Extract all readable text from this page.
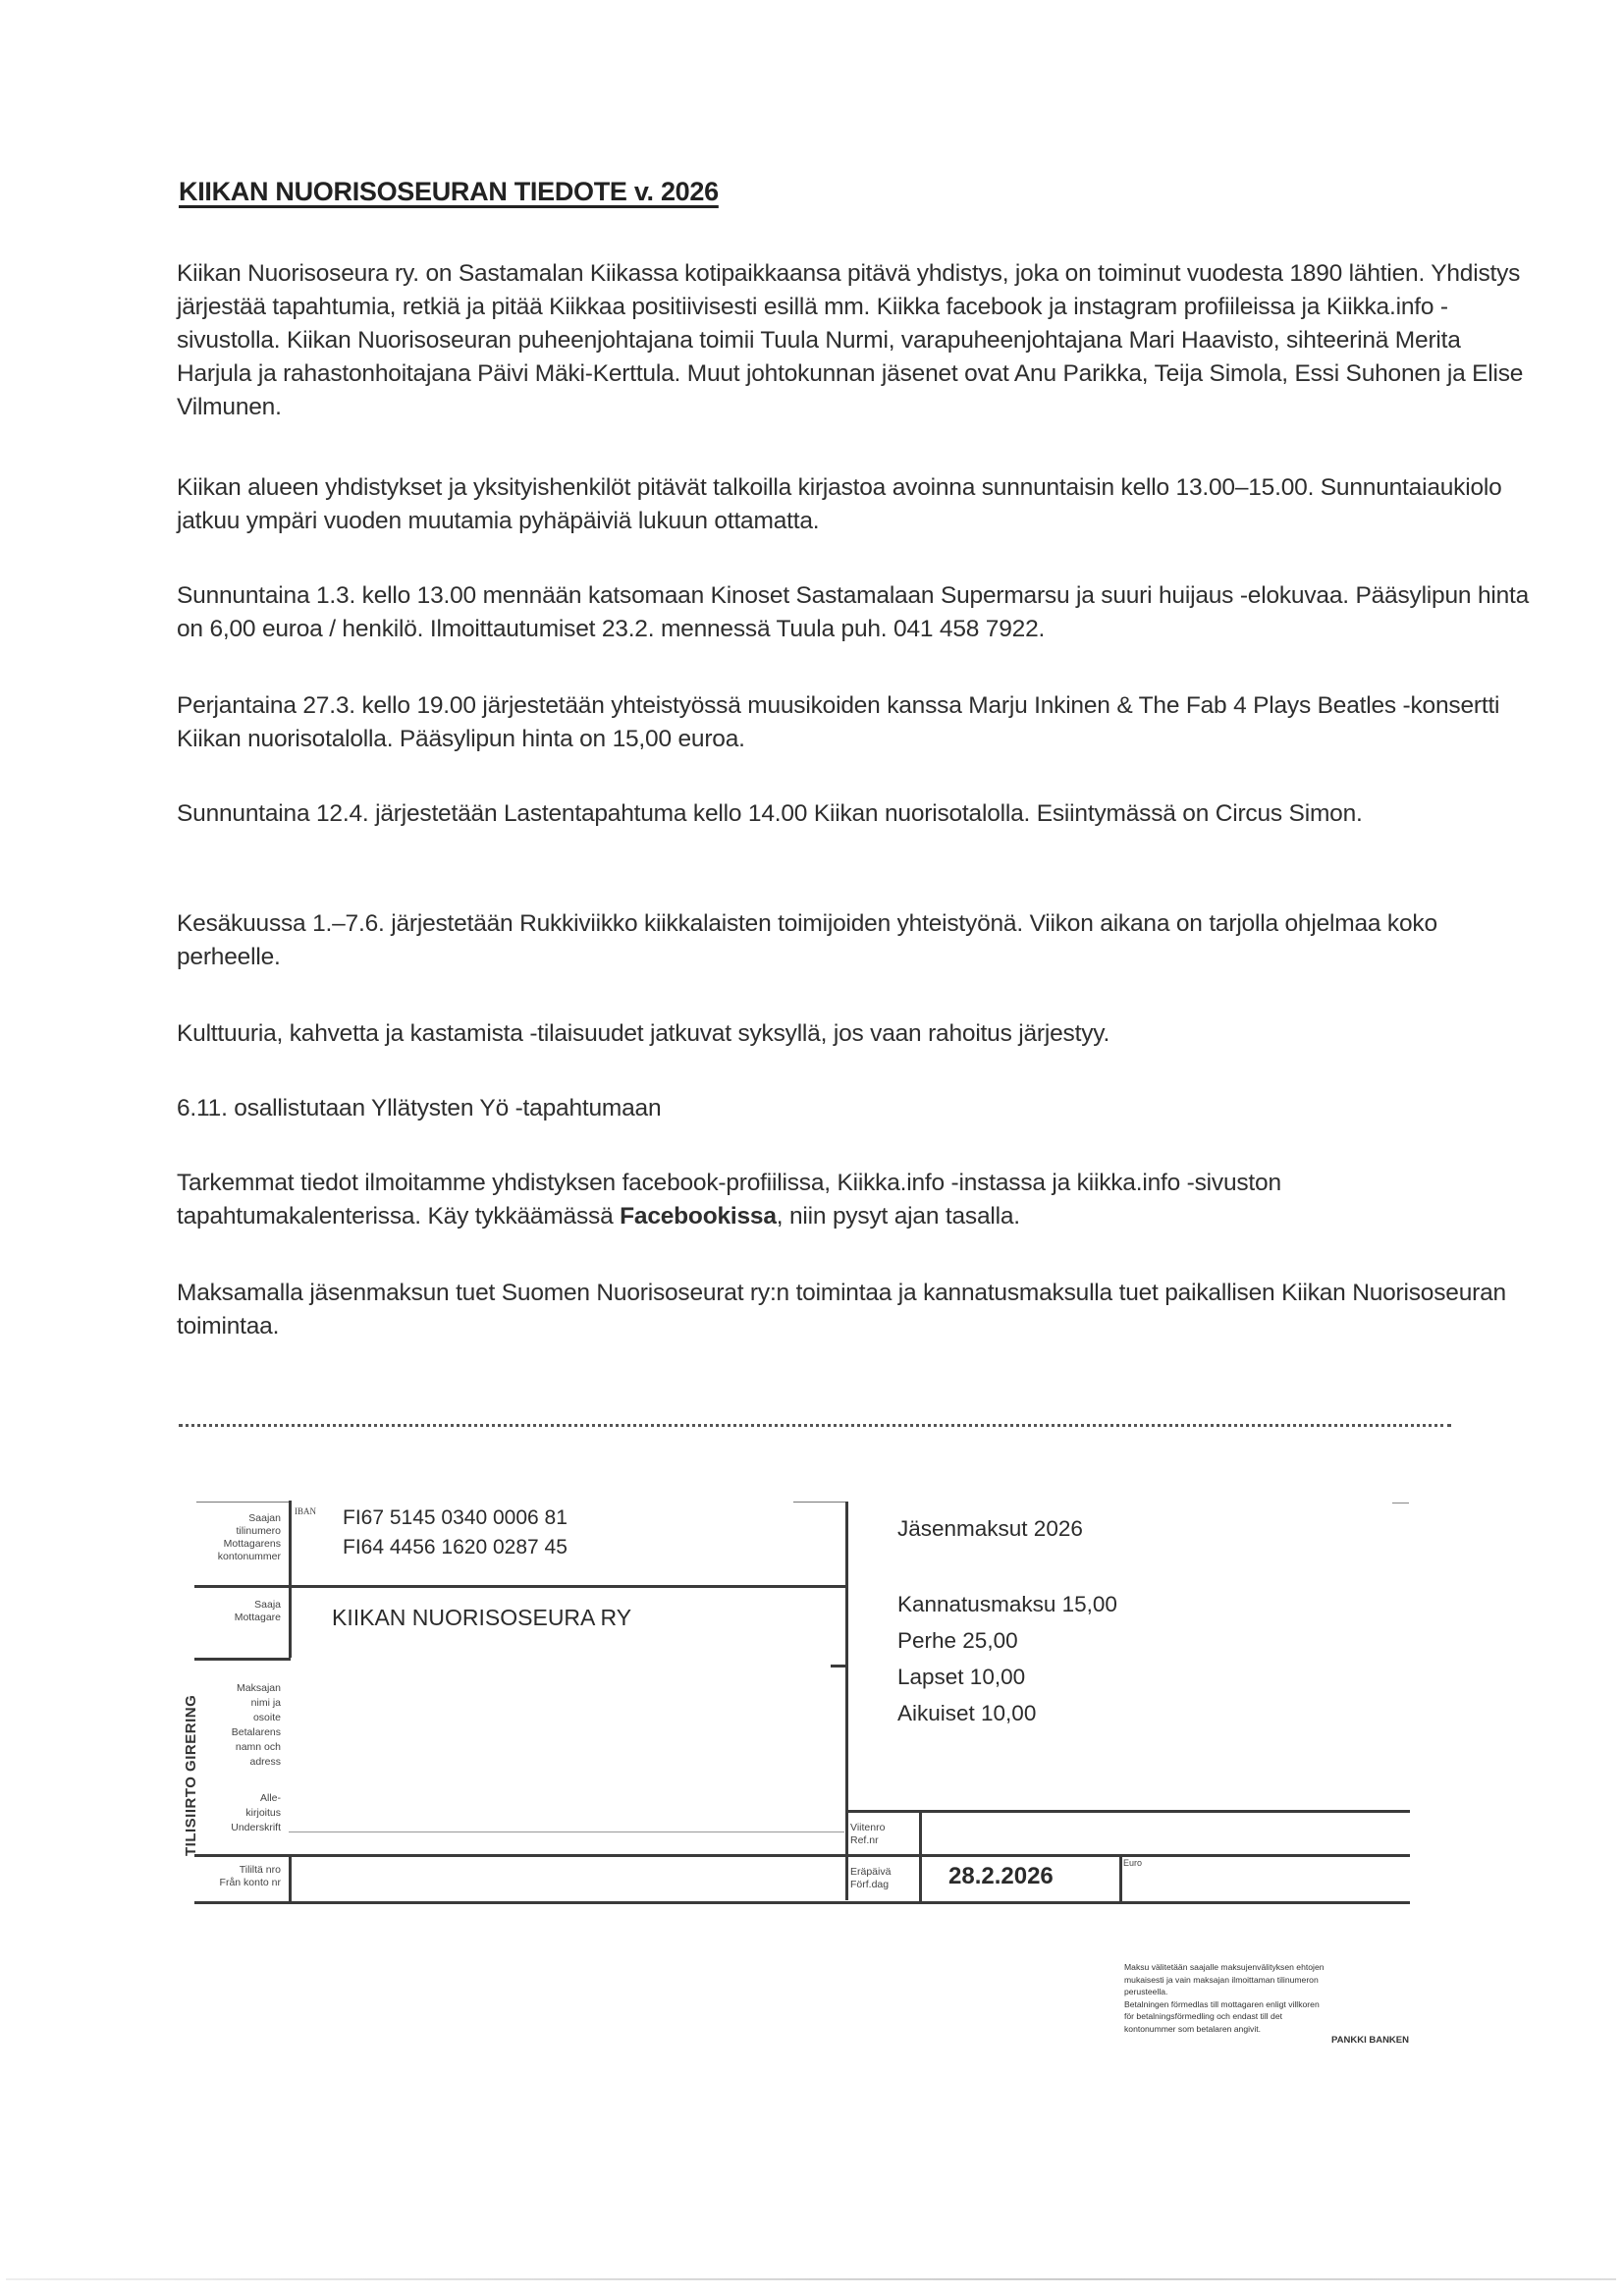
KIIKAN NUORISOSEURAN TIEDOTE v. 2026
Kiikan Nuorisoseura ry. on Sastamalan Kiikassa kotipaikkaansa pitävä yhdistys, joka on toiminut vuodesta 1890 lähtien. Yhdistys järjestää tapahtumia, retkiä ja pitää Kiikkaa positiivisesti esillä mm. Kiikka facebook ja instagram profiileissa ja Kiikka.info -sivustolla. Kiikan Nuorisoseuran puheenjohtajana toimii Tuula Nurmi, varapuheenjohtajana Mari Haavisto, sihteerinä Merita Harjula ja rahastonhoitajana Päivi Mäki-Kerttula. Muut johtokunnan jäsenet ovat Anu Parikka, Teija Simola, Essi Suhonen ja Elise Vilmunen.
Kiikan alueen yhdistykset ja yksityishenkilöt pitävät talkoilla kirjastoa avoinna sunnuntaisin kello 13.00–15.00. Sunnuntaiaukiolo jatkuu ympäri vuoden muutamia pyhäpäiviä lukuun ottamatta.
Sunnuntaina 1.3. kello 13.00 mennään katsomaan Kinoset Sastamalaan Supermarsu ja suuri huijaus -elokuvaa. Pääsylipun hinta on 6,00 euroa / henkilö. Ilmoittautumiset 23.2. mennessä Tuula puh. 041 458 7922.
Perjantaina 27.3. kello 19.00 järjestetään yhteistyössä muusikoiden kanssa Marju Inkinen & The Fab 4 Plays Beatles -konsertti Kiikan nuorisotalolla. Pääsylipun hinta on 15,00 euroa.
Sunnuntaina 12.4. järjestetään Lastentapahtuma kello 14.00 Kiikan nuorisotalolla. Esiintymässä on Circus Simon.
Kesäkuussa 1.–7.6. järjestetään Rukkiviikko kiikkalaisten toimijoiden yhteistyönä. Viikon aikana on tarjolla ohjelmaa koko perheelle.
Kulttuuria, kahvetta ja kastamista -tilaisuudet jatkuvat syksyllä, jos vaan rahoitus järjestyy.
6.11. osallistutaan Yllätysten Yö -tapahtumaan
Tarkemmat tiedot ilmoitamme yhdistyksen facebook-profiilissa, Kiikka.info -instassa ja kiikka.info -sivuston tapahtumakalenterissa. Käy tykkäämässä Facebookissa, niin pysyt ajan tasalla.
Maksamalla jäsenmaksun tuet Suomen Nuorisoseurat ry:n toimintaa ja kannatusmaksulla tuet paikallisen Kiikan Nuorisoseuran toimintaa.
Saajan
tilinumero
Mottagarens
kontonummer
Saaja
Mottagare
Maksajan
nimi ja
osoite
Betalarens
namn och
adress
Alle-
kirjoitus
Underskrift
Tililtä nro
Från konto nr
TILISIIRTO GIRERING
IBAN FI67 5145 0340 0006 81
FI64 4456 1620 0287 45
KIIKAN NUORISOSEURA RY
Jäsenmaksut 2026
Kannatusmaksu 15,00
Perhe 25,00
Lapset 10,00
Aikuiset 10,00
Viitenro
Ref.nr
Eräpäivä
Förf.dag	28.2.2026	Euro
Maksu välitetään saajalle maksujenvälityksen ehtojen
mukaisesti ja vain maksajan ilmoittaman tilinumeron
perusteella.
Betalningen förmedlas till mottagaren enligt villkoren
för betalningsförmedling och endast till det
kontonummer som betalaren angivit.
PANKKI BANKEN
